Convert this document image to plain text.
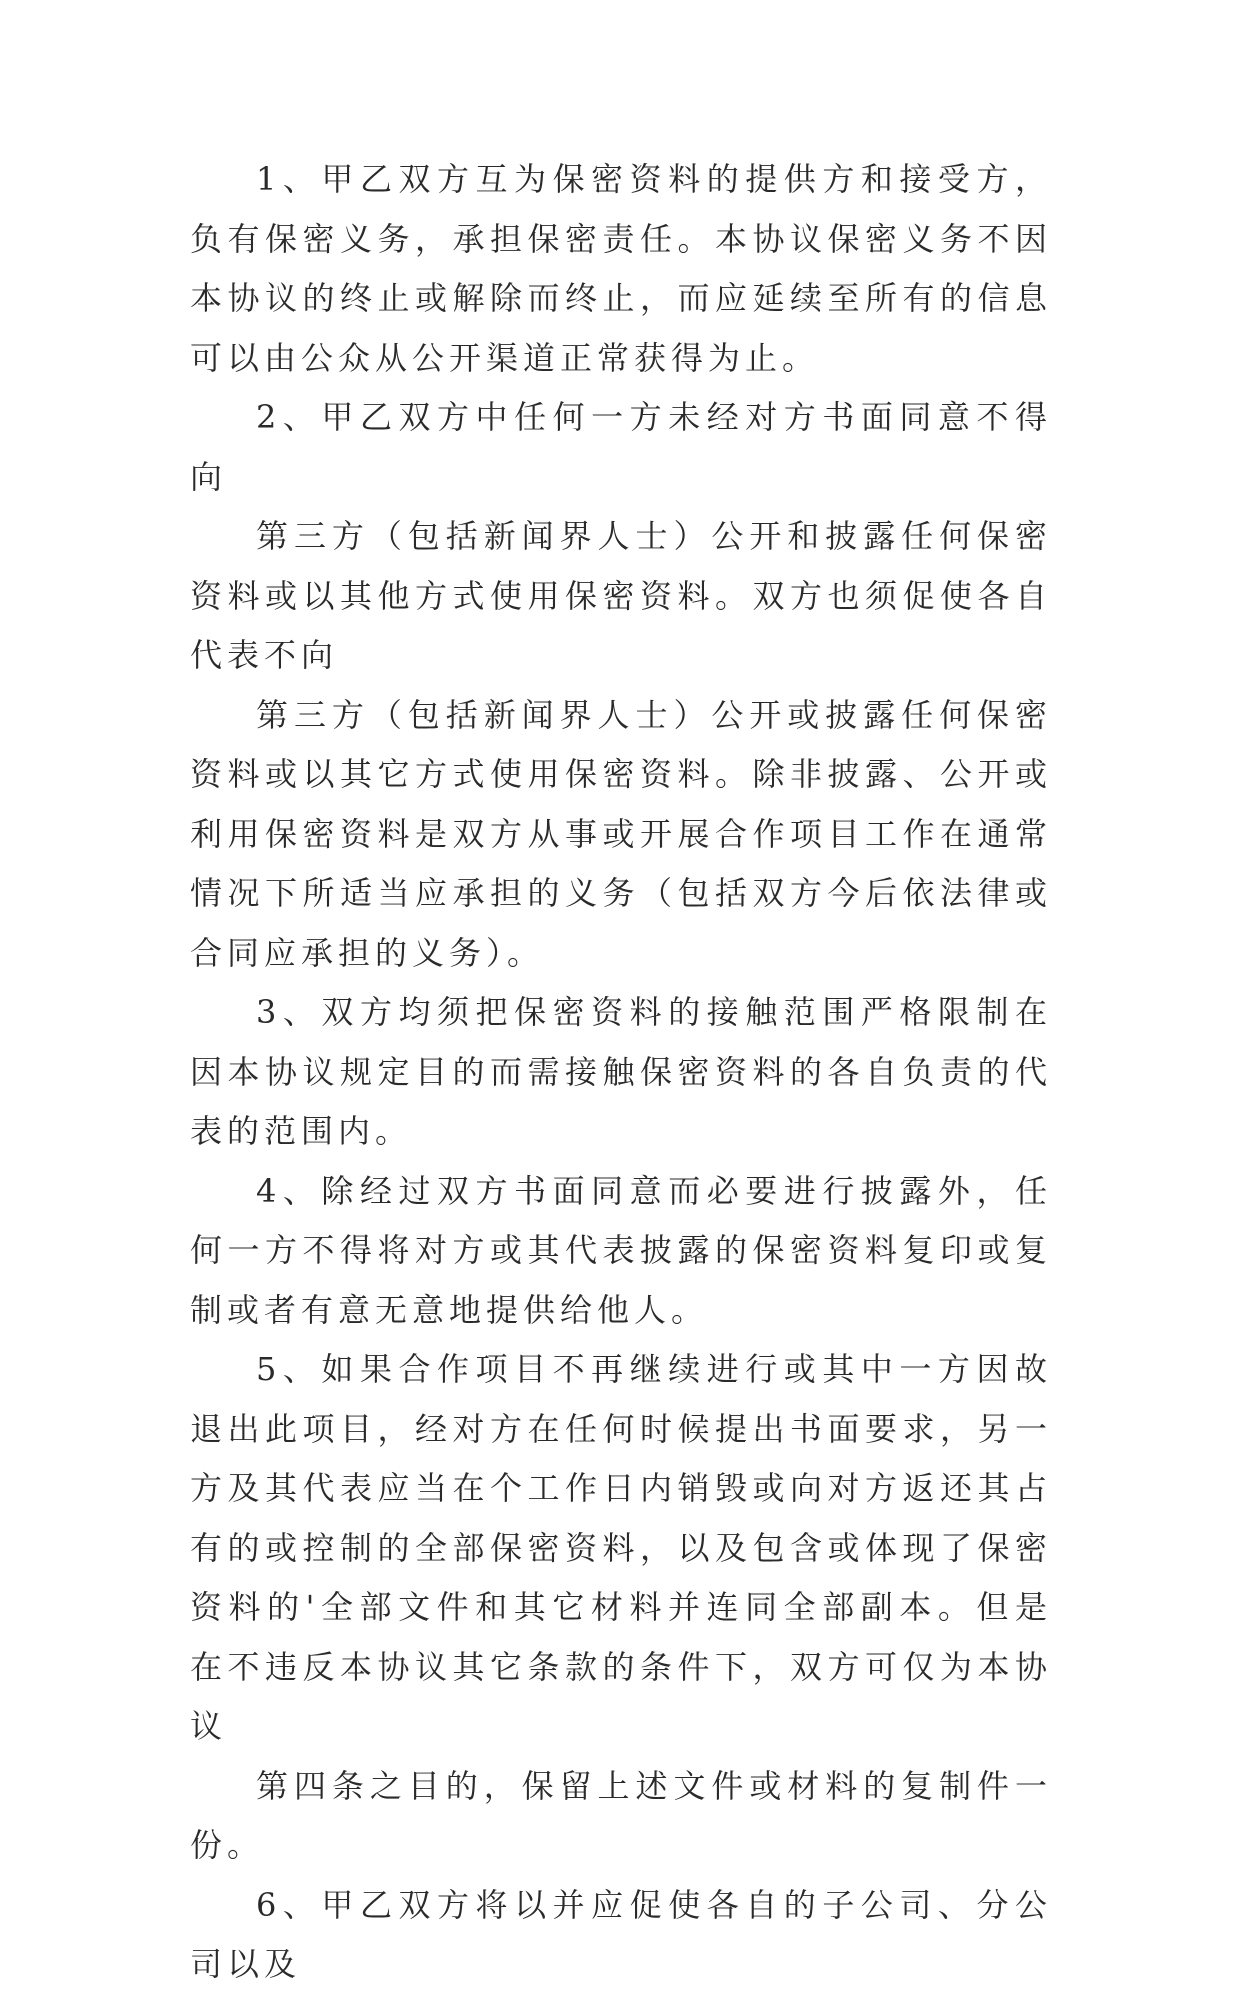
1、甲乙双方互为保密资料的提供方和接受方，负有保密义务，承担保密责任。本协议保密义务不因本协议的终止或解除而终止，而应延续至所有的信息可以由公众从公开渠道正常获得为止。

2、甲乙双方中任何一方未经对方书面同意不得向

第三方（包括新闻界人士）公开和披露任何保密资料或以其他方式使用保密资料。双方也须促使各自代表不向

第三方（包括新闻界人士）公开或披露任何保密资料或以其它方式使用保密资料。除非披露、公开或利用保密资料是双方从事或开展合作项目工作在通常情况下所适当应承担的义务（包括双方今后依法律或合同应承担的义务）。

3、双方均须把保密资料的接触范围严格限制在因本协议规定目的而需接触保密资料的各自负责的代表的范围内。

4、除经过双方书面同意而必要进行披露外，任何一方不得将对方或其代表披露的保密资料复印或复制或者有意无意地提供给他人。

5、如果合作项目不再继续进行或其中一方因故退出此项目，经对方在任何时候提出书面要求，另一方及其代表应当在个工作日内销毁或向对方返还其占有的或控制的全部保密资料，以及包含或体现了保密资料的'全部文件和其它材料并连同全部副本。但是在不违反本协议其它条款的条件下，双方可仅为本协议

第四条之目的，保留上述文件或材料的复制件一份。

6、甲乙双方将以并应促使各自的子公司、分公司以及
